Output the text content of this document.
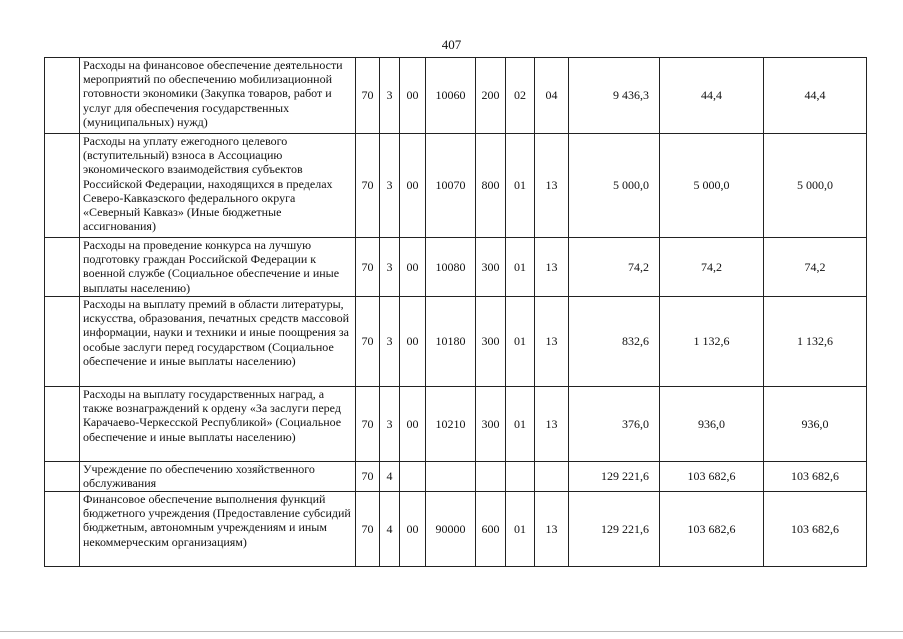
407
	Расходы на финансовое обеспечение деятельности мероприятий по обеспечению мобилизационной готовности экономики (Закупка товаров, работ и услуг для обеспечения государственных (муниципальных) нужд)	70	3	00	10060	200	02	04	9 436,3	44,4	44,4
	Расходы на уплату ежегодного целевого (вступительный) взноса в Ассоциацию экономического взаимодействия субъектов Российской Федерации, находящихся в пределах Северо-Кавказского федерального округа «Северный Кавказ» (Иные бюджетные ассигнования)	70	3	00	10070	800	01	13	5 000,0	5 000,0	5 000,0
	Расходы на проведение конкурса на лучшую подготовку граждан Российской Федерации к военной службе (Социальное обеспечение и иные выплаты населению)	70	3	00	10080	300	01	13	74,2	74,2	74,2
	Расходы на выплату премий в области литературы, искусства, образования, печатных средств массовой информации, науки и техники и иные поощрения за особые заслуги перед государством (Социальное обеспечение и иные выплаты населению)	70	3	00	10180	300	01	13	832,6	1 132,6	1 132,6
	Расходы на выплату государственных наград, а также вознаграждений к ордену «За заслуги перед Карачаево-Черкесской Республикой» (Социальное обеспечение и иные выплаты населению)	70	3	00	10210	300	01	13	376,0	936,0	936,0
	Учреждение по обеспечению хозяйственного обслуживания	70	4						129 221,6	103 682,6	103 682,6
	Финансовое обеспечение выполнения функций бюджетного учреждения (Предоставление субсидий бюджетным, автономным учреждениям и иным некоммерческим организациям)	70	4	00	90000	600	01	13	129 221,6	103 682,6	103 682,6
